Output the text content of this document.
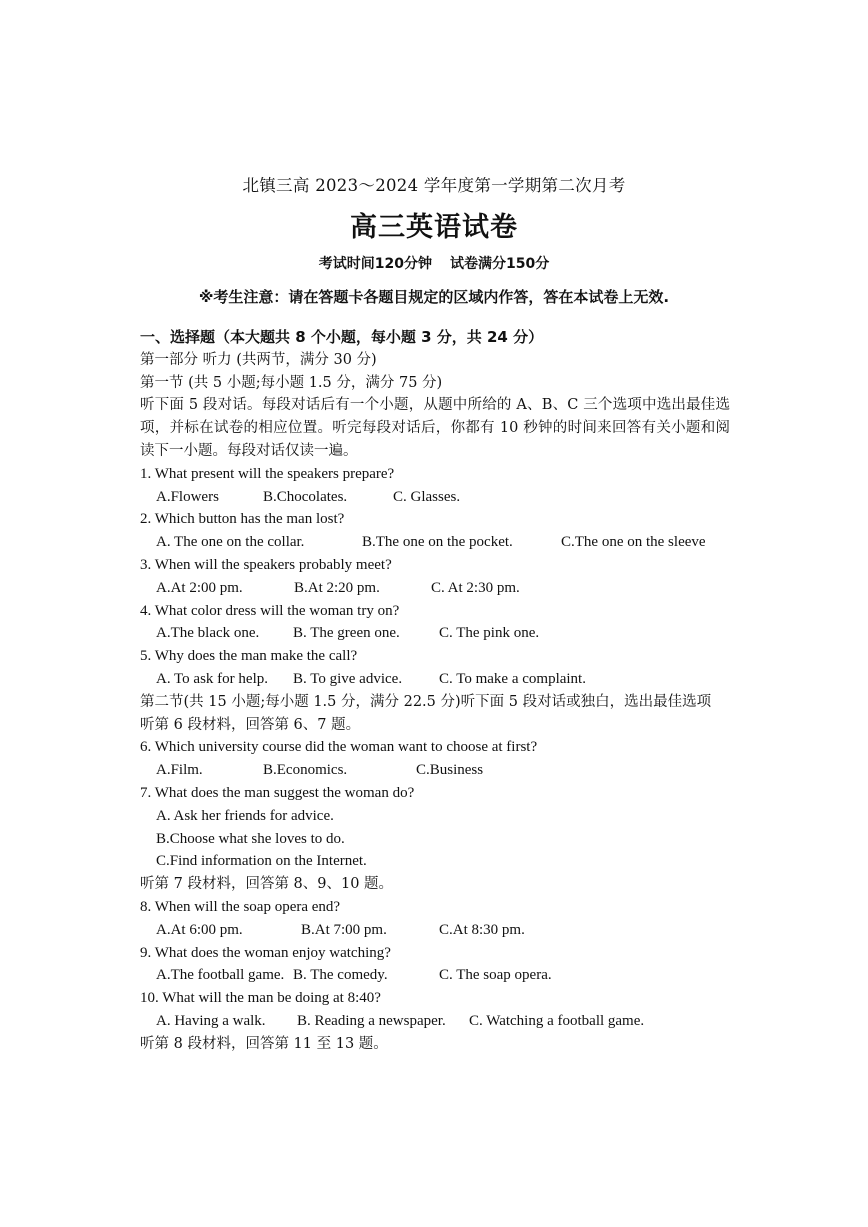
北镇三高 2023～2024 学年度第一学期第二次月考
高三英语试卷
考试时间120分钟 试卷满分150分
※考生注意：请在答题卡各题目规定的区域内作答，答在本试卷上无效.
一、选择题（本大题共 8 个小题，每小题 3 分，共 24 分）
第一部分 听力 (共两节，满分 30 分)
第一节 (共 5 小题;每小题 1.5 分，满分 75 分)
听下面 5 段对话。每段对话后有一个小题，从题中所给的 A、B、C 三个选项中选出最佳选项，并标在试卷的相应位置。听完每段对话后，你都有 10 秒钟的时间来回答有关小题和阅读下一小题。每段对话仅读一遍。
1. What present will the speakers prepare?
A.Flowers	B.Chocolates.	C. Glasses.
2. Which button has the man lost?
A. The one on the collar.	B.The one on the pocket.	C.The one on the sleeve
3. When will the speakers probably meet?
A.At 2:00 pm.	B.At 2:20 pm.	C. At 2:30 pm.
4. What color dress will the woman try on?
A.The black one.	B. The green one.	C. The pink one.
5. Why does the man make the call?
A. To ask for help.	B. To give advice.	C. To make a complaint.
第二节(共 15 小题;每小题 1.5 分，满分 22.5 分)听下面 5 段对话或独白，选出最佳选项
听第 6 段材料，回答第 6、7 题。
6. Which university course did the woman want to choose at first?
A.Film.	B.Economics.	C.Business
7. What does the man suggest the woman do?
A. Ask her friends for advice.
B.Choose what she loves to do.
C.Find information on the Internet.
听第 7 段材料，回答第 8、9、10 题。
8. When will the soap opera end?
A.At 6:00 pm.	B.At 7:00 pm.	C.At 8:30 pm.
9. What does the woman enjoy watching?
A.The football game. B. The comedy.	C. The soap opera.
10. What will the man be doing at 8:40?
A. Having a walk.	B. Reading a newspaper.	C. Watching a football game.
听第 8 段材料，回答第 11 至 13 题。
